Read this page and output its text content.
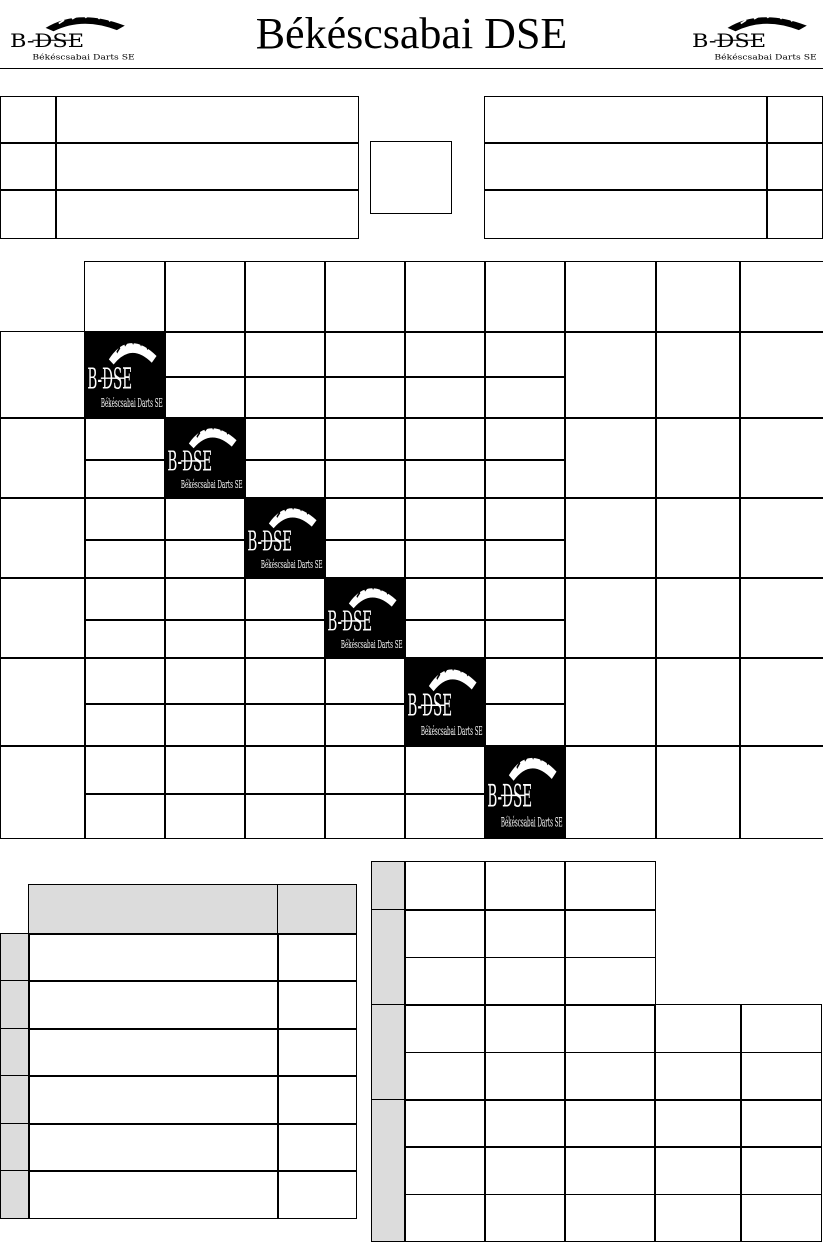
B-DSE
Békéscsabai Darts SE	Békéscsabai DSE	B-DSE
Békéscsabai Darts SE
B-DSE
Békéscsabai Darts SE
B-DSE
Békéscsabai Darts SE
B-DSE
Békéscsabai Darts SE
B-DSE
Békéscsabai Darts SE
B-DSE
Békéscsabai Darts SE
B-DSE
Békéscsabai Darts SE
